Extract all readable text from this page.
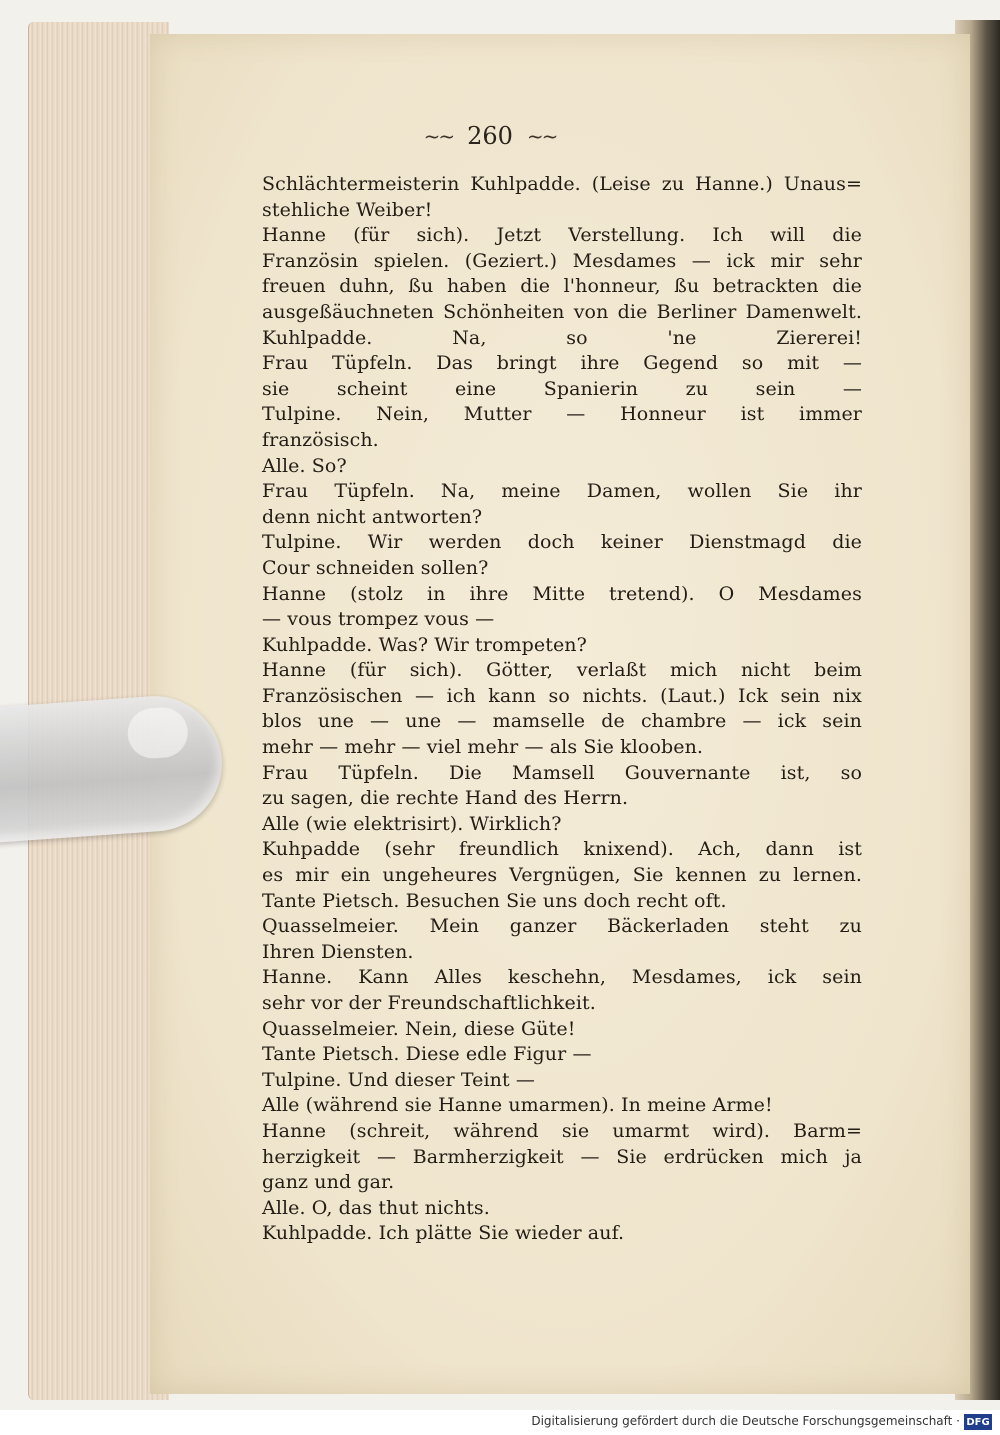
~~ 260 ~~
Schlächtermeisterin Kuhlpadde. (Leise zu Hanne.) Unaus=
stehliche Weiber!
Hanne (für sich). Jetzt Verstellung. Ich will die
Französin spielen. (Geziert.) Mesdames — ick mir sehr
freuen duhn, ßu haben die l'honneur, ßu betrackten die
ausgeßäuchneten Schönheiten von die Berliner Damenwelt.
Kuhlpadde. Na, so 'ne Ziererei!
Frau Tüpfeln. Das bringt ihre Gegend so mit —
sie scheint eine Spanierin zu sein —
Tulpine. Nein, Mutter — Honneur ist immer
französisch.
Alle. So?
Frau Tüpfeln. Na, meine Damen, wollen Sie ihr
denn nicht antworten?
Tulpine. Wir werden doch keiner Dienstmagd die
Cour schneiden sollen?
Hanne (stolz in ihre Mitte tretend). O Mesdames
— vous trompez vous —
Kuhlpadde. Was? Wir trompeten?
Hanne (für sich). Götter, verlaßt mich nicht beim
Französischen — ich kann so nichts. (Laut.) Ick sein nix
blos une — une — mamselle de chambre — ick sein
mehr — mehr — viel mehr — als Sie klooben.
Frau Tüpfeln. Die Mamsell Gouvernante ist, so
zu sagen, die rechte Hand des Herrn.
Alle (wie elektrisirt). Wirklich?
Kuhpadde (sehr freundlich knixend). Ach, dann ist
es mir ein ungeheures Vergnügen, Sie kennen zu lernen.
Tante Pietsch. Besuchen Sie uns doch recht oft.
Quasselmeier. Mein ganzer Bäckerladen steht zu
Ihren Diensten.
Hanne. Kann Alles keschehn, Mesdames, ick sein
sehr vor der Freundschaftlichkeit.
Quasselmeier. Nein, diese Güte!
Tante Pietsch. Diese edle Figur —
Tulpine. Und dieser Teint —
Alle (während sie Hanne umarmen). In meine Arme!
Hanne (schreit, während sie umarmt wird). Barm=
herzigkeit — Barmherzigkeit — Sie erdrücken mich ja
ganz und gar.
Alle. O, das thut nichts.
Kuhlpadde. Ich plätte Sie wieder auf.
Digitalisierung gefördert durch die Deutsche Forschungsgemeinschaft · DFG
